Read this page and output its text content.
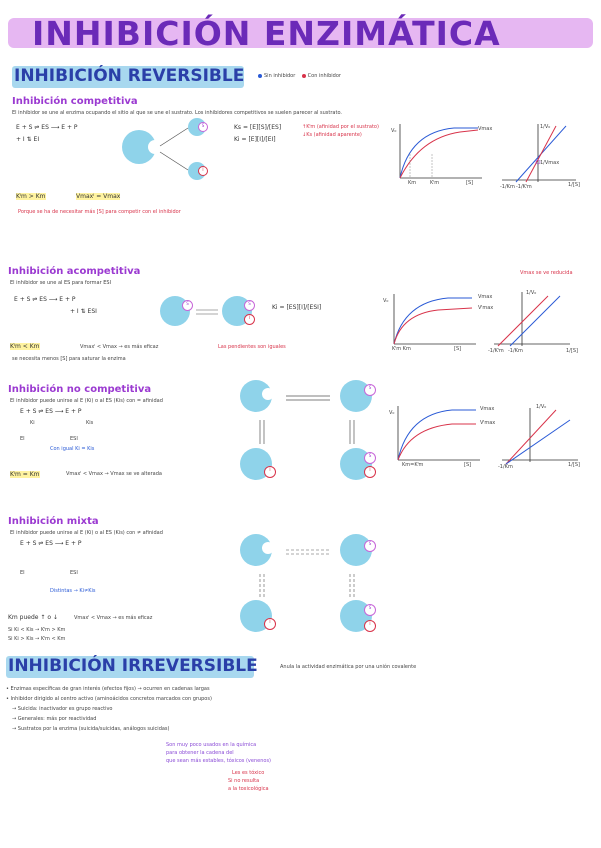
INHIBICIÓN ENZIMÁTICA
INHIBICIÓN REVERSIBLE	Sin inhibidor Con inhibidor
Inhibición competitiva
El inhibidor se une al enzima ocupando el sitio al que se une el sustrato. Los inhibidores competitivos se suelen parecer al sustrato.
E + S ⇌ ES ⟶ E + P
+ I ⇅ EI
S
I
Ks = [E][S]/[ES]
Ki = [E][I]/[EI]
↑Kᴵm (afinidad por el sustrato)
↓Ks (afinidad aparente)
Kᴵm > Km	Vmaxᴵ = Vmax
Porque se ha de necesitar más [S] para competir con el inhibidor
V₀	Vmax
Km	Kᴵm	[S]
1/V₀
1/[S]
-1/Km -1/Kᴵm
1/Vmax
Inhibición acompetitiva
El inhibidor se une al ES para formar ESI
Vmax se ve reducida
E + S ⇌ ES ⟶ E + P
+ I ⇅ ESI
S	S
I
Ki = [ES][I]/[ESI]
Kᴵm < Km	Vmaxᴵ < Vmax → es más eficaz	Las pendientes son iguales
se necesita menos [S] para saturar la enzima
V₀
Vmax
Vᴵmax
Kᴵm Km	[S]
1/V₀
1/[S]
-1/Kᴵm -1/Km
Inhibición no competitiva
El inhibidor puede unirse al E (Ki) o al ES (Kis) con = afinidad
E + S ⇌ ES ⟶ E + P
EI	ESI
Ki	Kis
Con igual Ki = Kis
Kᴵm = Km	Vmaxᴵ < Vmax → Vmax se ve alterada
S
I
S
I
V₀
Vmax
Vᴵmax
Km=Kᴵm	[S]
1/V₀
1/[S]
-1/Km
Inhibición mixta
El inhibidor puede unirse al E (Ki) o al ES (Kis) con ≠ afinidad
E + S ⇌ ES ⟶ E + P
EI	ESI
Distintas → Ki≠Kis
Km puede ↑ o ↓	Vmaxᴵ < Vmax → es más eficaz
Si Ki < Kis → Kᴵm > Km
Si Ki > Kis → Kᴵm < Km
S
I
S
I
INHIBICIÓN IRREVERSIBLE	Anula la actividad enzimática por una unión covalente
• Enzimas específicas de gran interés (efectos fijos) → ocurren en cadenas largas
• Inhibidor dirigido al centro activo (aminoácidos concretos marcados con grupos)
→ Suicida: inactivador es grupo reactivo
→ Generales: más por reactividad
→ Sustratos por la enzima (suicida/suicidas, análogos suicidas)
Son muy poco usados en la química
para obtener la cadena del
que sean más estables, tóxicos (venenos)
Les es tóxico
Si no resulta
a la toxicológica
